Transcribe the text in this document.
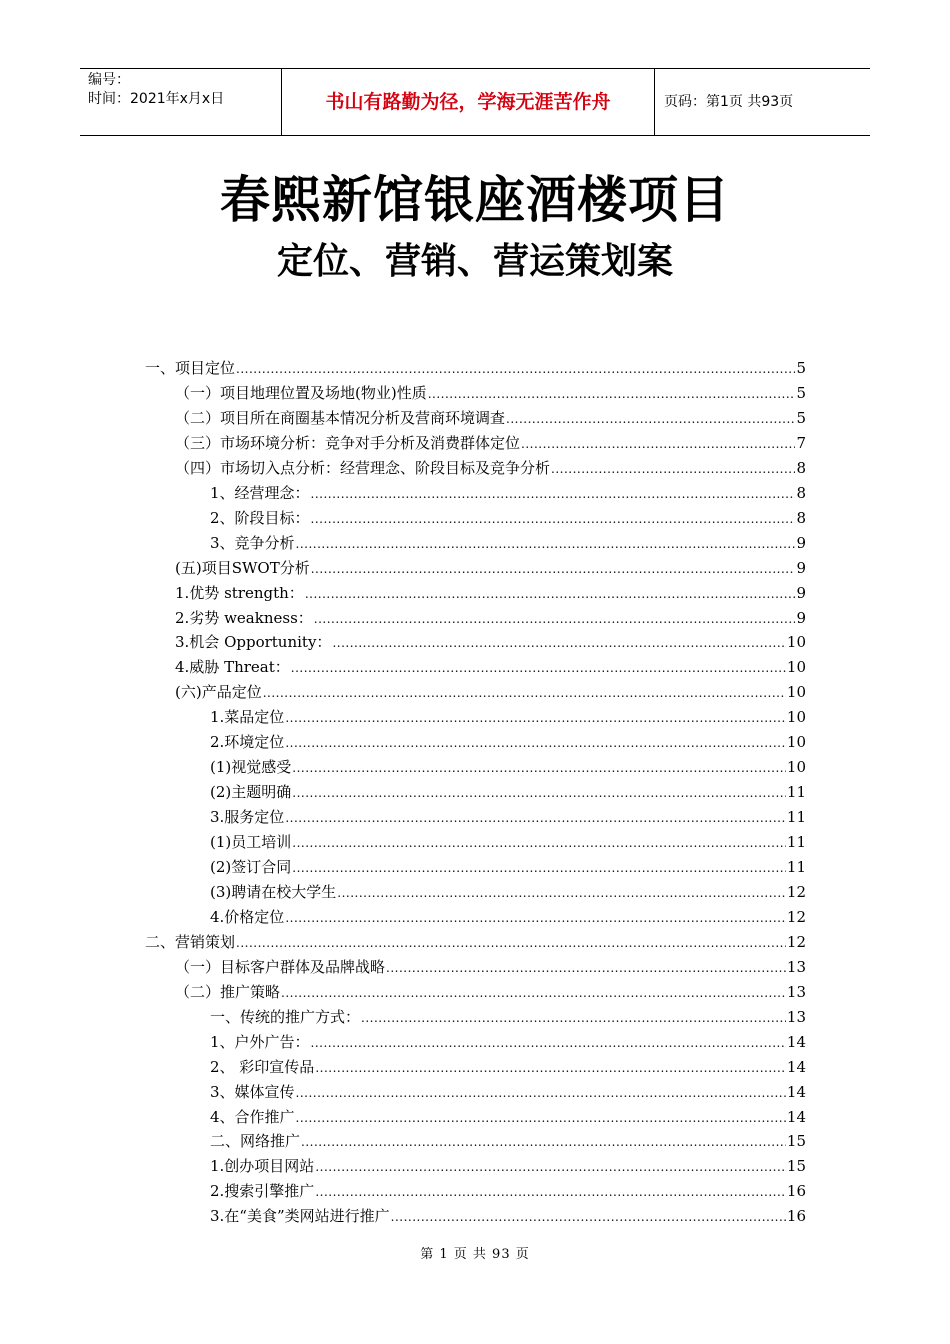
编号：
时间：2021年x月x日	书山有路勤为径，学海无涯苦作舟	页码：第1页 共93页
春熙新馆银座酒楼项目
定位、营销、营运策划案
一、项目定位 .....	5
（一）项目地理位置及场地(物业)性质 .....	5
（二）项目所在商圈基本情况分析及营商环境调查 .....	5
（三）市场环境分析：竞争对手分析及消费群体定位 .....	7
（四）市场切入点分析：经营理念、阶段目标及竞争分析 .....	8
1、经营理念： .....	8
2、阶段目标： .....	8
3、竞争分析 .....	9
(五)项目SWOT分析 .....	9
1.优势 strength： .....	9
2.劣势 weakness： .....	9
3.机会 Opportunity： .....	10
4.威胁 Threat： .....	10
(六)产品定位 .....	10
1.菜品定位 .....	10
2.环境定位 .....	10
(1)视觉感受 .....	10
(2)主题明确 .....	11
3.服务定位 .....	11
(1)员工培训 .....	11
(2)签订合同 .....	11
(3)聘请在校大学生 .....	12
4.价格定位 .....	12
二、营销策划 .....	12
（一）目标客户群体及品牌战略 .....	13
（二）推广策略 .....	13
一、传统的推广方式： .....	13
1、户外广告： .....	14
2、 彩印宣传品 .....	14
3、媒体宣传 .....	14
4、合作推广 .....	14
二、网络推广 .....	15
1.创办项目网站 .....	15
2.搜索引擎推广 .....	16
3.在“美食”类网站进行推广 .....	16
第 1 页 共 93 页
